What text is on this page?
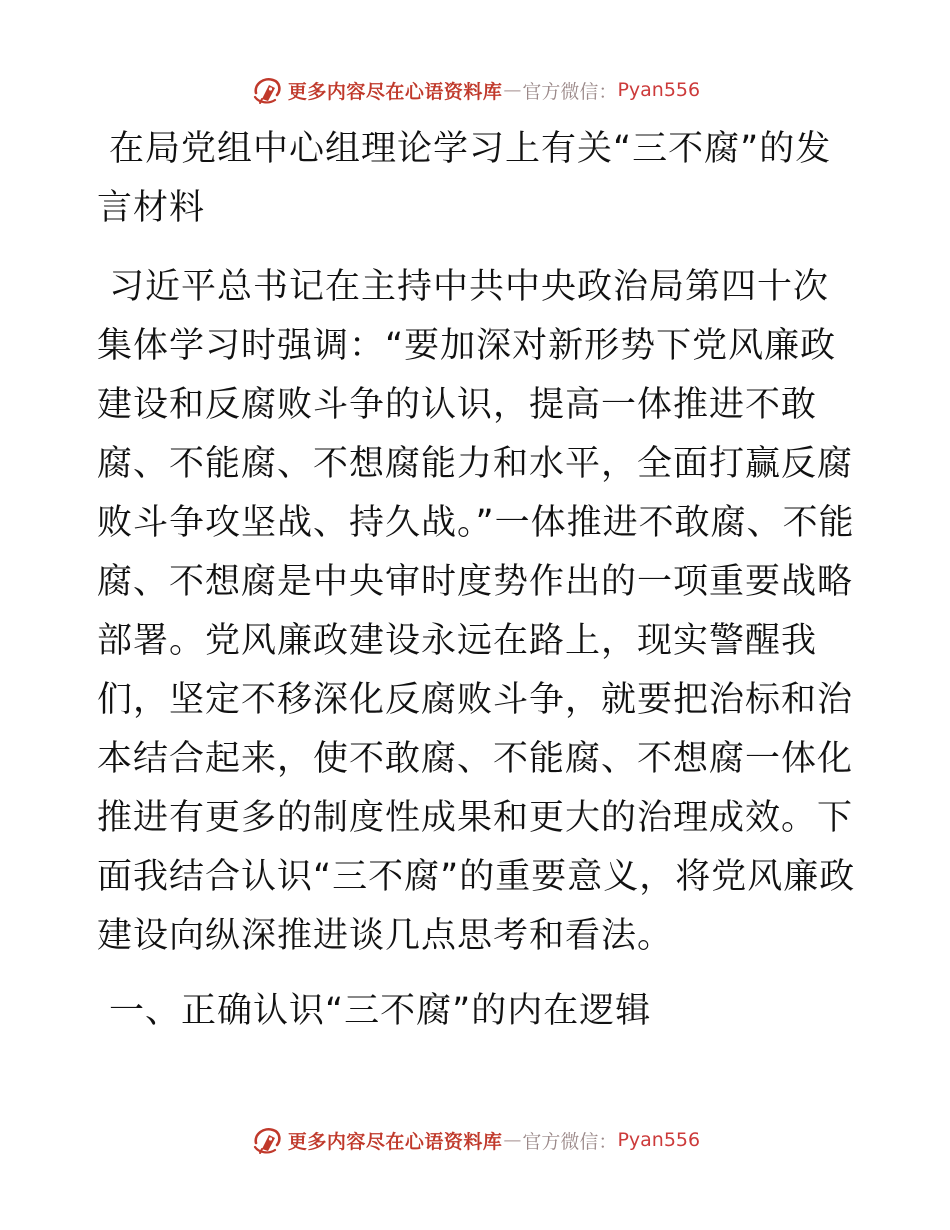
更多内容尽在心语资料库 — 官方微信： Pyan556

在局党组中心组理论学习上有关“三不腐”的发言材料

习近平总书记在主持中共中央政治局第四十次集体学习时强调：“要加深对新形势下党风廉政建设和反腐败斗争的认识，提高一体推进不敢腐、不能腐、不想腐能力和水平，全面打赢反腐败斗争攻坚战、持久战。”一体推进不敢腐、不能腐、不想腐是中央审时度势作出的一项重要战略部署。党风廉政建设永远在路上，现实警醒我们，坚定不移深化反腐败斗争，就要把治标和治本结合起来，使不敢腐、不能腐、不想腐一体化推进有更多的制度性成果和更大的治理成效。下面我结合认识“三不腐”的重要意义，将党风廉政建设向纵深推进谈几点思考和看法。

一、正确认识“三不腐”的内在逻辑

更多内容尽在心语资料库 — 官方微信： Pyan556
